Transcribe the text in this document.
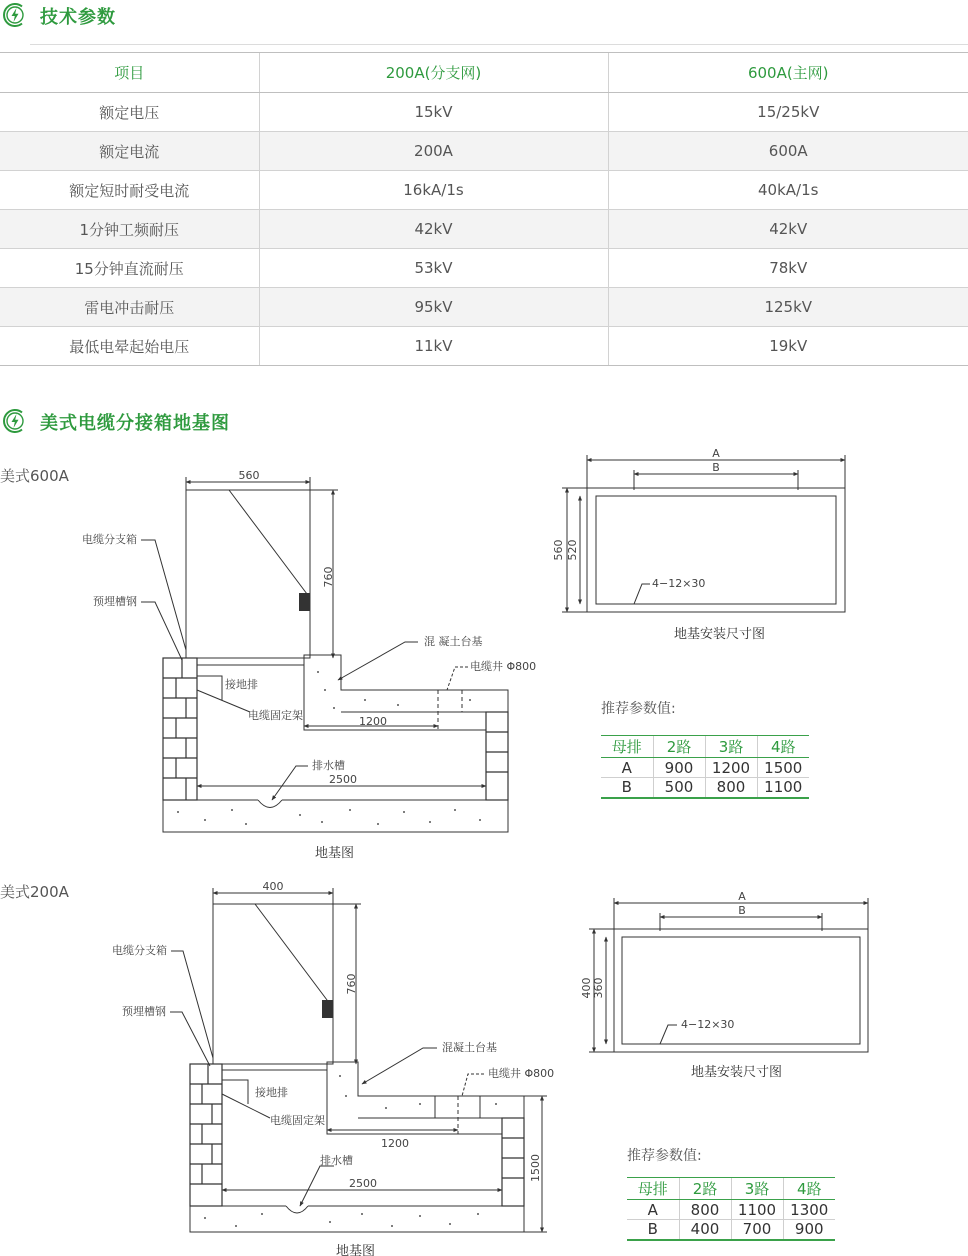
技术参数
项目	200A(分支网)	600A(主网)
额定电压	15kV	15/25kV
额定电流	200A	600A
额定短时耐受电流	16kA/1s	40kA/1s
1分钟工频耐压	42kV	42kV
15分钟直流耐压	53kV	78kV
雷电冲击耐压	95kV	125kV
最低电晕起始电压	11kV	19kV
美式电缆分接箱地基图
美式600A
美式200A
560
760
1200
2500
电缆分支箱
预埋槽钢
混 凝土台基
电缆井 Φ800
接地排
电缆固定架
排水槽
A
B
560 520
4−12×30
400
760
1200
2500
1500
电缆分支箱
预埋槽钢
混凝土台基
电缆井 Φ800
接地排
电缆固定架
排水槽
A
B
400 360
4−12×30
地基图
地基安装尺寸图
地基图
地基安装尺寸图
推荐参数值:
母排	2路	3路	4路
A	900	1200	1500
B	500	800	1100
推荐参数值:
母排	2路	3路	4路
A	800	1100	1300
B	400	700	900
